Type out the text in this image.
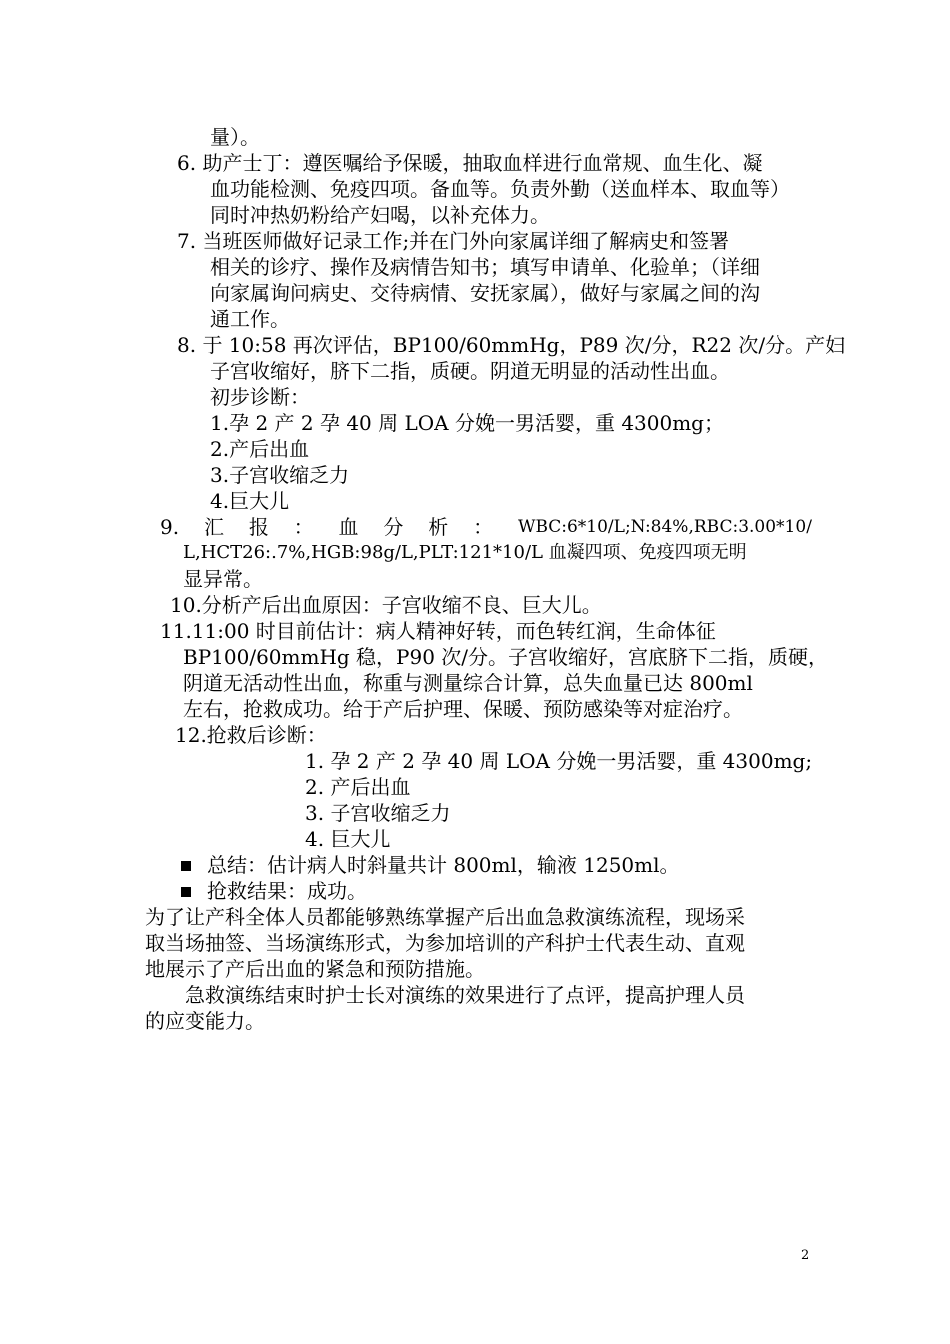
量）。
6. 助产士丁：遵医嘱给予保暖，抽取血样进行血常规、血生化、凝
血功能检测、免疫四项。备血等。负责外勤（送血样本、取血等）
同时冲热奶粉给产妇喝，以补充体力。
7. 当班医师做好记录工作;并在门外向家属详细了解病史和签署
相关的诊疗、操作及病情告知书；填写申请单、化验单；（详细
向家属询问病史、交待病情、安抚家属），做好与家属之间的沟
通工作。
8. 于 10:58 再次评估，BP100/60mmHg，P89 次/分，R22 次/分。产妇
子宫收缩好，脐下二指，质硬。阴道无明显的活动性出血。
初步诊断：
1.孕 2 产 2 孕 40 周 LOA 分娩一男活婴，重 4300mg；
2.产后出血
3.子宫收缩乏力
4.巨大儿
9. 汇 报 ： 血 分 析 ： WBC:6*10/L;N:84%,RBC:3.00*10/
L,HCT26:.7%,HGB:98g/L,PLT:121*10/L 血凝四项、免疫四项无明
显异常。
10.分析产后出血原因：子宫收缩不良、巨大儿。
11.11:00 时目前估计：病人精神好转，而色转红润，生命体征
BP100/60mmHg 稳，P90 次/分。子宫收缩好，宫底脐下二指，质硬，
阴道无活动性出血，称重与测量综合计算，总失血量已达 800ml
左右，抢救成功。给于产后护理、保暖、预防感染等对症治疗。
12.抢救后诊断：
1. 孕 2 产 2 孕 40 周 LOA 分娩一男活婴，重 4300mg;
2. 产后出血
3. 子宫收缩乏力
4. 巨大儿
总结：估计病人时斜量共计 800ml，输液 1250ml。
抢救结果：成功。
为了让产科全体人员都能够熟练掌握产后出血急救演练流程，现场采
取当场抽签、当场演练形式，为参加培训的产科护士代表生动、直观
地展示了产后出血的紧急和预防措施。
急救演练结束时护士长对演练的效果进行了点评，提高护理人员
的应变能力。
2
